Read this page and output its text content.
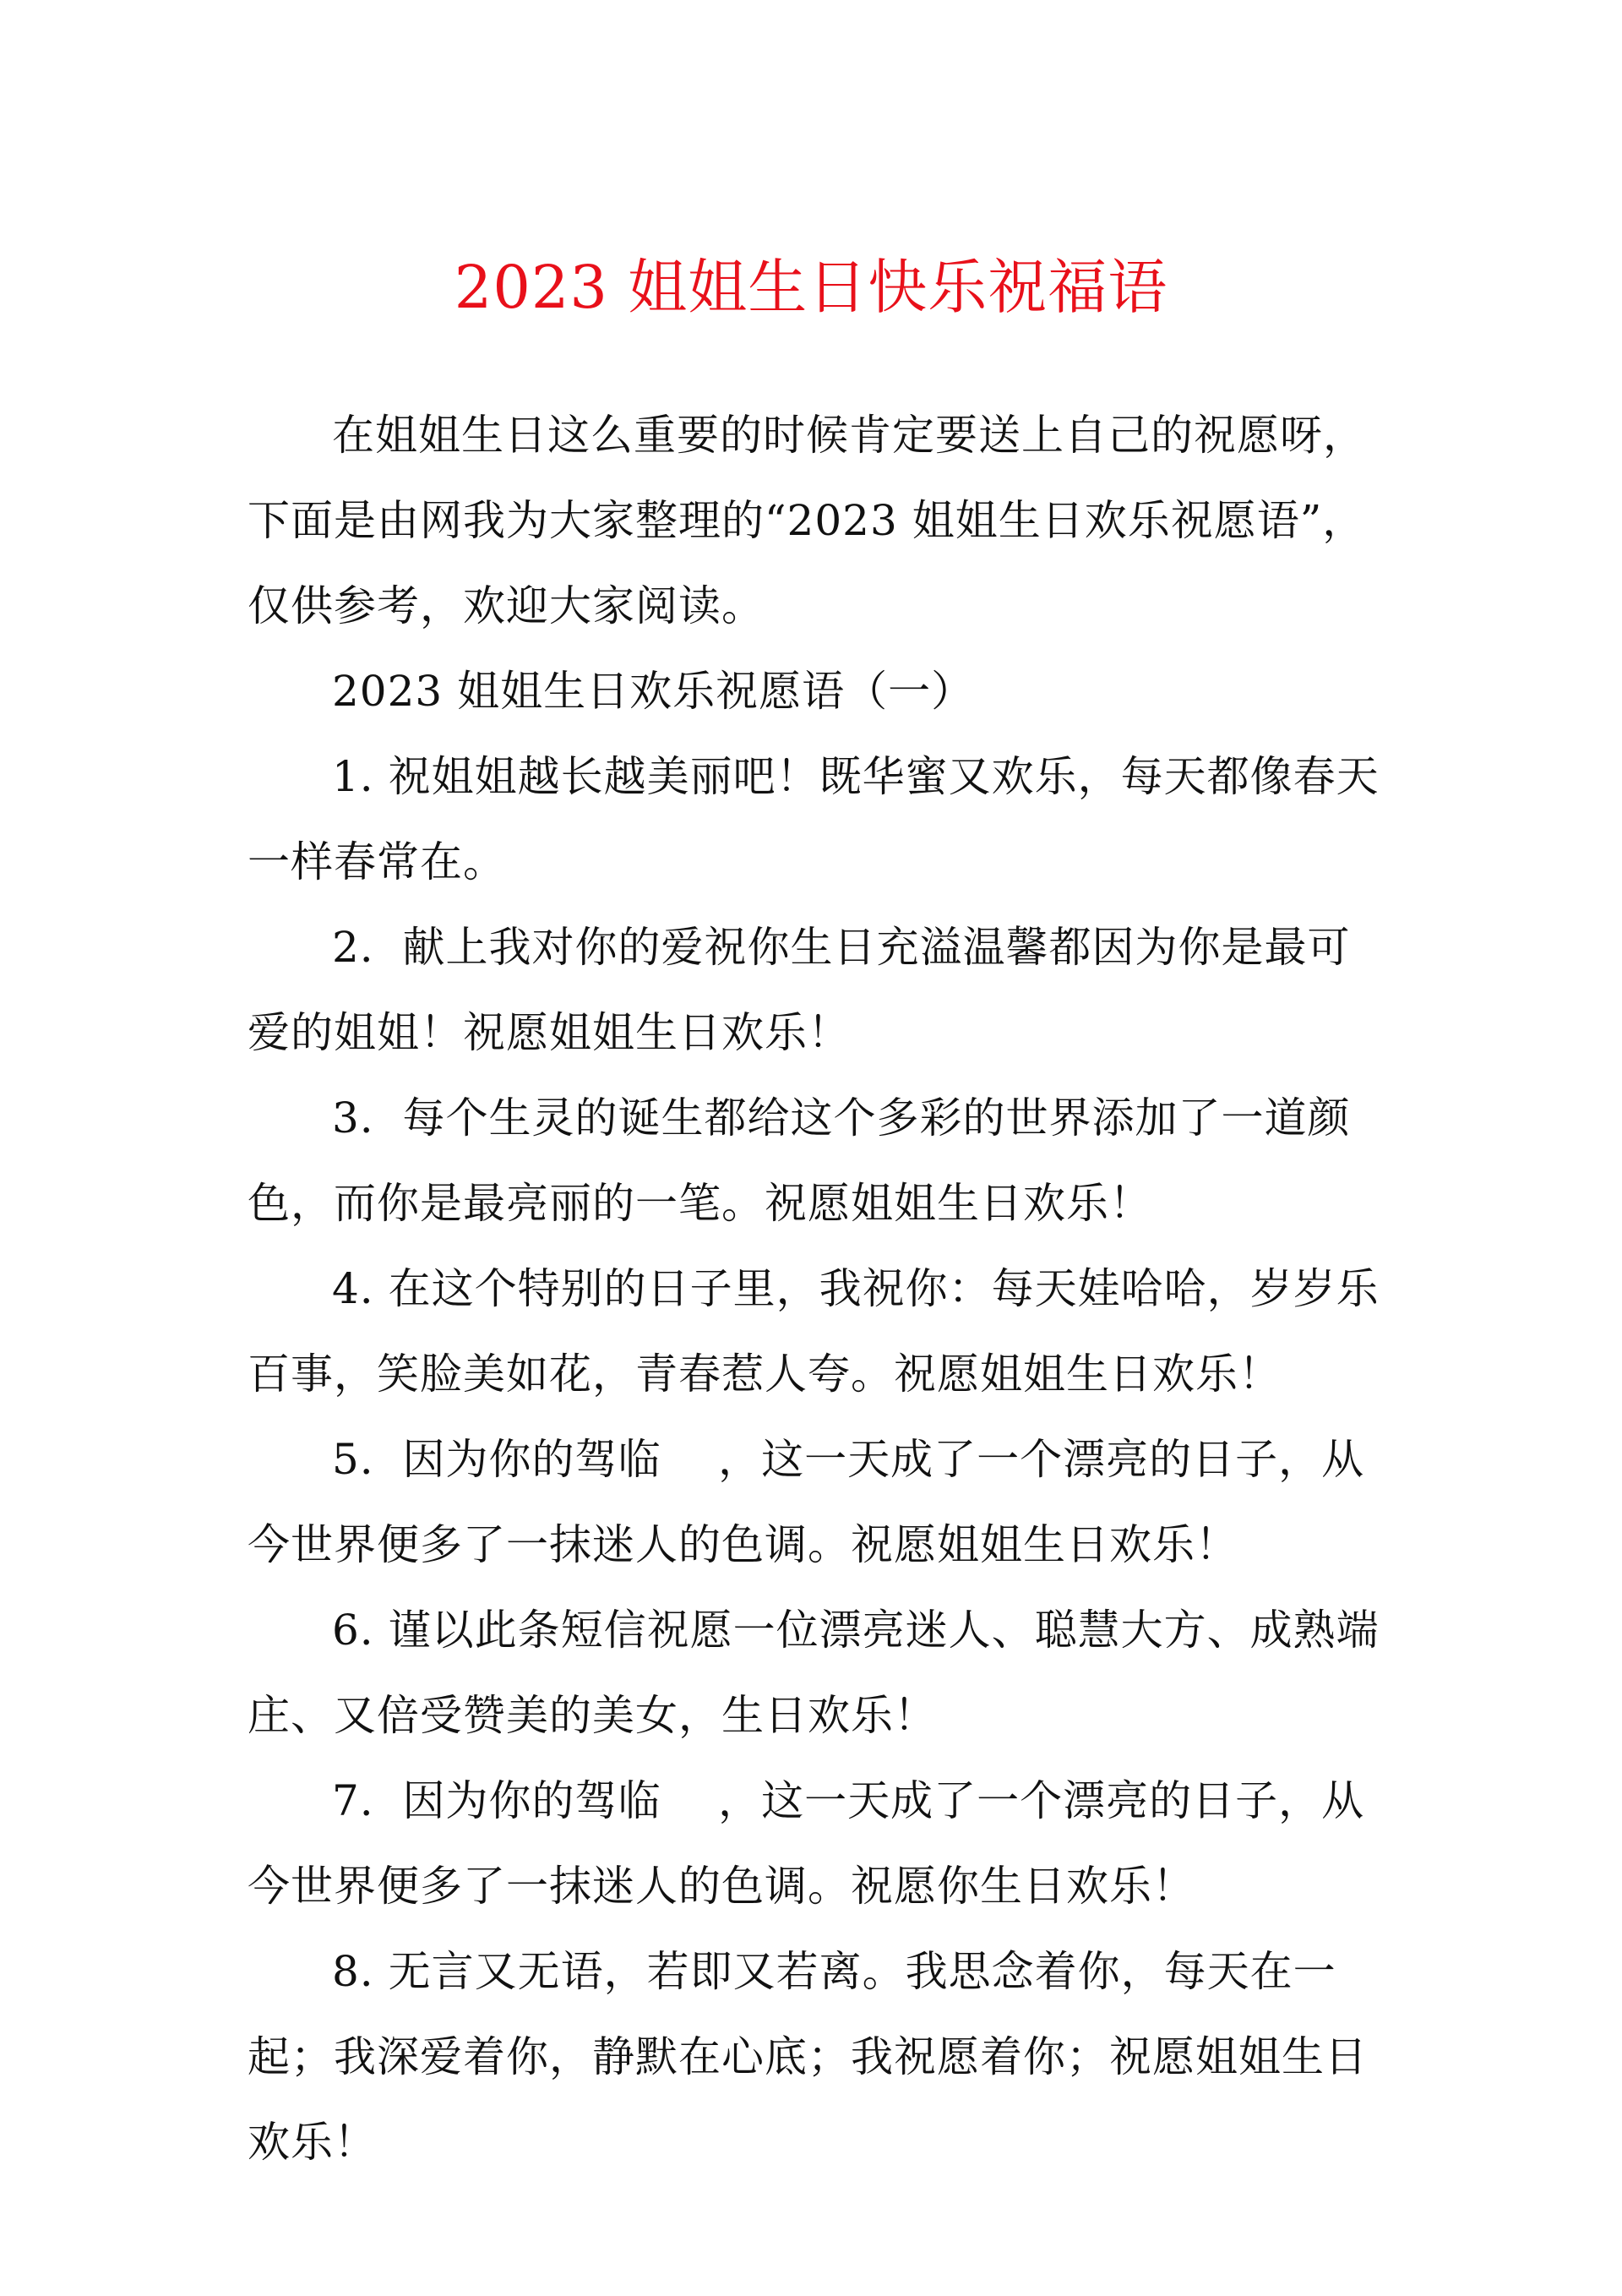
2023 姐姐生日快乐祝福语

在姐姐生日这么重要的时候肯定要送上自己的祝愿呀，下面是由网我为大家整理的“2023 姐姐生日欢乐祝愿语”，仅供参考，欢迎大家阅读。

2023 姐姐生日欢乐祝愿语（一）

1. 祝姐姐越长越美丽吧！既华蜜又欢乐，每天都像春天一样春常在。

2.  献上我对你的爱祝你生日充溢温馨都因为你是最可爱的姐姐！祝愿姐姐生日欢乐！

3.  每个生灵的诞生都给这个多彩的世界添加了一道颜色，而你是最亮丽的一笔。祝愿姐姐生日欢乐！

4. 在这个特别的日子里，我祝你：每天娃哈哈，岁岁乐百事，笑脸美如花，青春惹人夸。祝愿姐姐生日欢乐！

5.  因为你的驾临    ，这一天成了一个漂亮的日子，从今世界便多了一抹迷人的色调。祝愿姐姐生日欢乐！

6. 谨以此条短信祝愿一位漂亮迷人、聪慧大方、成熟端庄、又倍受赞美的美女，生日欢乐！

7.  因为你的驾临    ，这一天成了一个漂亮的日子，从今世界便多了一抹迷人的色调。祝愿你生日欢乐！

8. 无言又无语，若即又若离。我思念着你，每天在一起；我深爱着你，静默在心底；我祝愿着你；祝愿姐姐生日欢乐！
